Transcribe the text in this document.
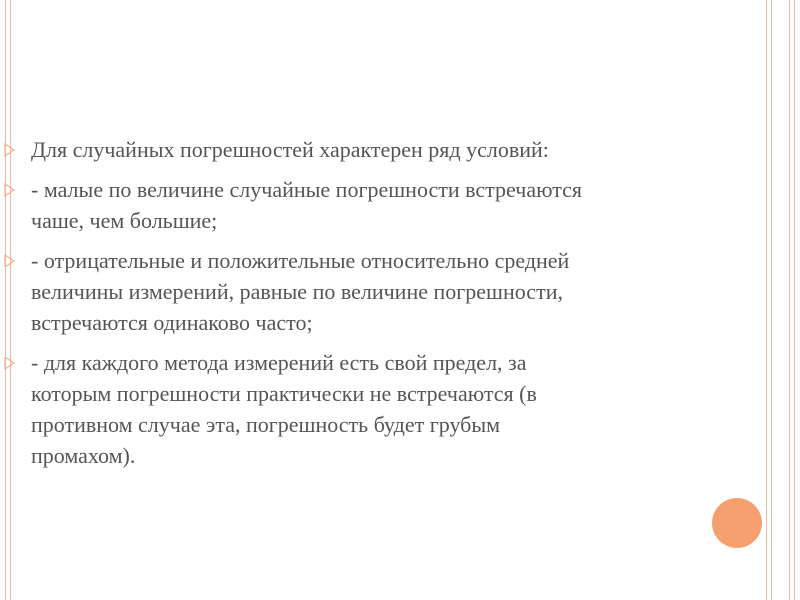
Для случайных погрешностей характерен ряд условий:
- малые по величине случайные погрешности встречаются
чаше, чем большие;
- отрицательные и положительные относительно средней
величины измерений, равные по величине погрешности,
встречаются одинаково часто;
- для каждого метода измерений есть свой предел, за
которым погрешности практически не встречаются (в
противном случае эта, погрешность будет грубым
промахом).
